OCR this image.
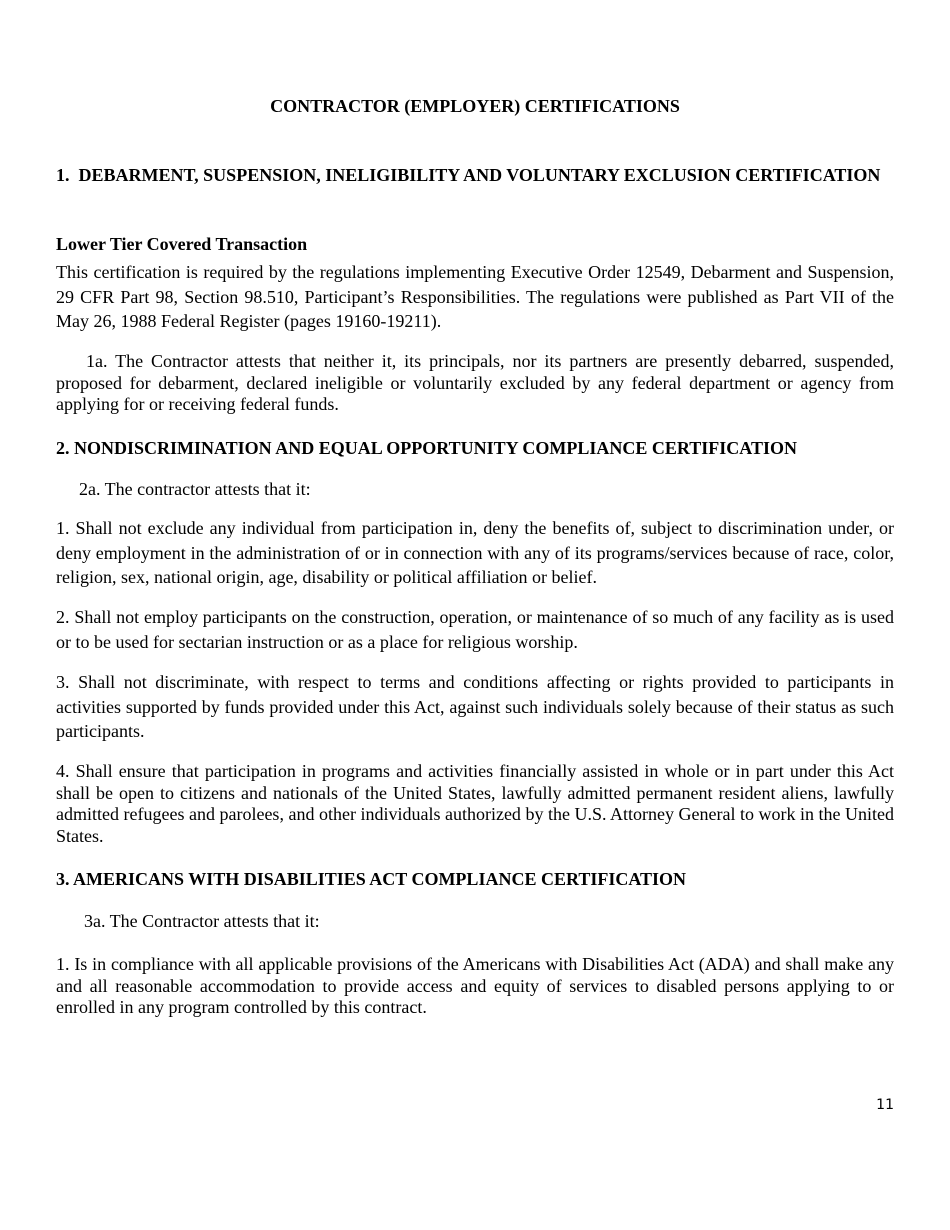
CONTRACTOR (EMPLOYER) CERTIFICATIONS
1.  DEBARMENT, SUSPENSION, INELIGIBILITY AND VOLUNTARY EXCLUSION CERTIFICATION
Lower Tier Covered Transaction
This certification is required by the regulations implementing Executive Order 12549, Debarment and Suspension, 29 CFR Part 98, Section 98.510, Participant’s Responsibilities. The regulations were published as Part VII of the May 26, 1988 Federal Register (pages 19160-19211).
1a. The Contractor attests that neither it, its principals, nor its partners are presently debarred, suspended, proposed for debarment, declared ineligible or voluntarily excluded by any federal department or agency from applying for or receiving federal funds.
2. NONDISCRIMINATION AND EQUAL OPPORTUNITY COMPLIANCE CERTIFICATION
2a. The contractor attests that it:
1. Shall not exclude any individual from participation in, deny the benefits of, subject to discrimination under, or deny employment in the administration of or in connection with any of its programs/services because of race, color, religion, sex, national origin, age, disability or political affiliation or belief.
2. Shall not employ participants on the construction, operation, or maintenance of so much of any facility as is used or to be used for sectarian instruction or as a place for religious worship.
3. Shall not discriminate, with respect to terms and conditions affecting or rights provided to participants in activities supported by funds provided under this Act, against such individuals solely because of their status as such participants.
4. Shall ensure that participation in programs and activities financially assisted in whole or in part under this Act shall be open to citizens and nationals of the United States, lawfully admitted permanent resident aliens, lawfully admitted refugees and parolees, and other individuals authorized by the U.S. Attorney General to work in the United States.
3. AMERICANS WITH DISABILITIES ACT COMPLIANCE CERTIFICATION
3a. The Contractor attests that it:
1. Is in compliance with all applicable provisions of the Americans with Disabilities Act (ADA) and shall make any and all reasonable accommodation to provide access and equity of services to disabled persons applying to or enrolled in any program controlled by this contract.
11
